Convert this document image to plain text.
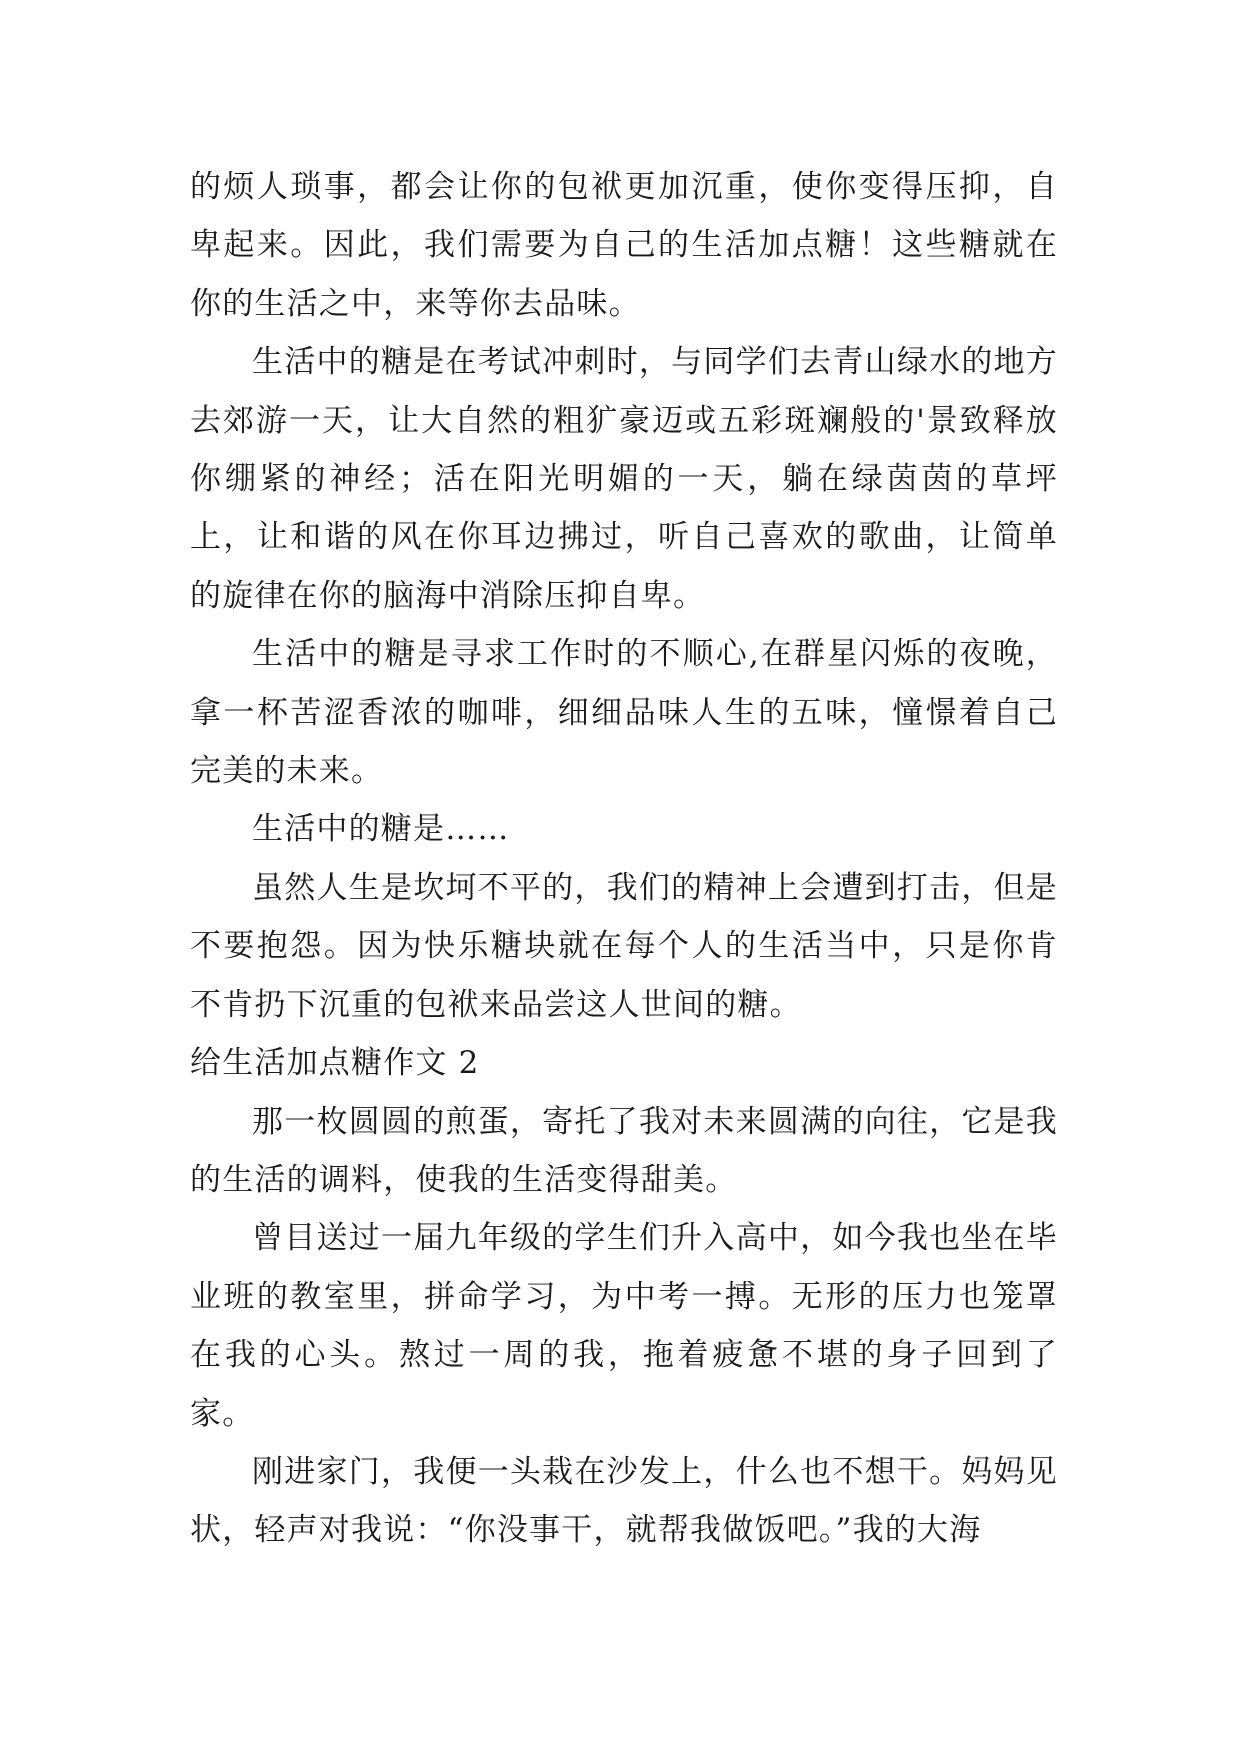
的烦人琐事，都会让你的包袱更加沉重，使你变得压抑，自卑起来。因此，我们需要为自己的生活加点糖！这些糖就在你的生活之中，来等你去品味。

生活中的糖是在考试冲刺时，与同学们去青山绿水的地方去郊游一天，让大自然的粗犷豪迈或五彩斑斓般的'景致释放你绷紧的神经；活在阳光明媚的一天，躺在绿茵茵的草坪上，让和谐的风在你耳边拂过，听自己喜欢的歌曲，让简单的旋律在你的脑海中消除压抑自卑。

生活中的糖是寻求工作时的不顺心,在群星闪烁的夜晚，拿一杯苦涩香浓的咖啡，细细品味人生的五味，憧憬着自己完美的未来。

生活中的糖是……

虽然人生是坎坷不平的，我们的精神上会遭到打击，但是不要抱怨。因为快乐糖块就在每个人的生活当中，只是你肯不肯扔下沉重的包袱来品尝这人世间的糖。

给生活加点糖作文 2

那一枚圆圆的煎蛋，寄托了我对未来圆满的向往，它是我的生活的调料，使我的生活变得甜美。

曾目送过一届九年级的学生们升入高中，如今我也坐在毕业班的教室里，拼命学习，为中考一搏。无形的压力也笼罩在我的心头。熬过一周的我，拖着疲惫不堪的身子回到了家。

刚进家门，我便一头栽在沙发上，什么也不想干。妈妈见状，轻声对我说：“你没事干，就帮我做饭吧。”我的大海
